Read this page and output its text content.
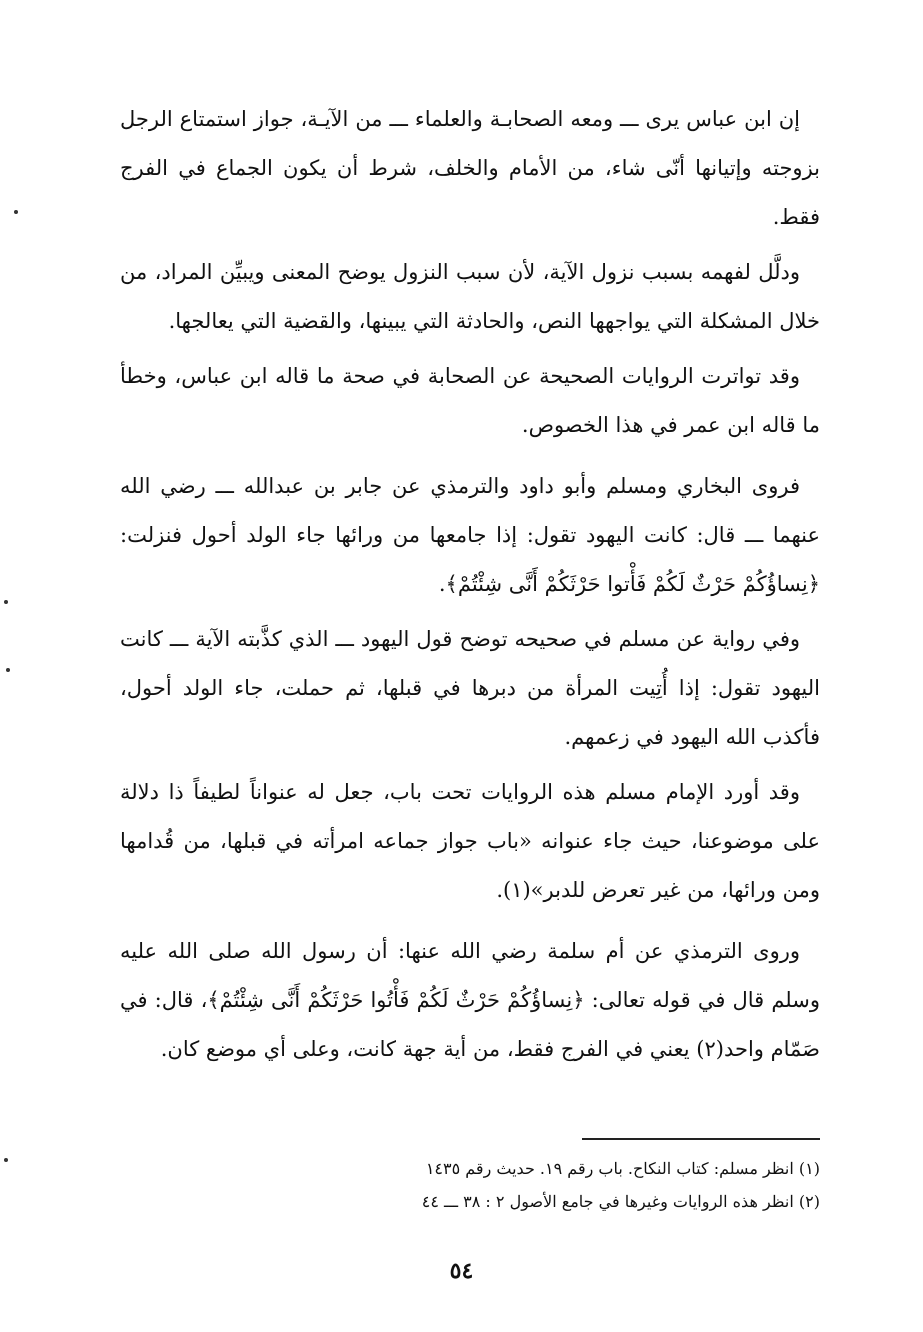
إن ابن عباس يرى ـــ ومعه الصحابـة والعلماء ـــ من الآيـة، جواز استمتاع الرجل بزوجته وإتيانها أنّى شاء، من الأمام والخلف، شرط أن يكون الجماع في الفرج فقط.

ودلَّل لفهمه بسبب نزول الآية، لأن سبب النزول يوضح المعنى ويبيِّن المراد، من خلال المشكلة التي يواجهها النص، والحادثة التي يبينها، والقضية التي يعالجها.

وقد تواترت الروايات الصحيحة عن الصحابة في صحة ما قاله ابن عباس، وخطأ ما قاله ابن عمر في هذا الخصوص.

فروى البخاري ومسلم وأبو داود والترمذي عن جابر بن عبدالله ـــ رضي الله عنهما ـــ قال: كانت اليهود تقول: إذا جامعها من ورائها جاء الولد أحول فنزلت: ﴿نِساؤُكُمْ حَرْثٌ لَكُمْ فَأْتوا حَرْثَكُمْ أَنَّى شِئْتُمْ﴾.

وفي رواية عن مسلم في صحيحه توضح قول اليهود ـــ الذي كذَّبته الآية ـــ كانت اليهود تقول: إذا أُتِيت المرأة من دبرها في قبلها، ثم حملت، جاء الولد أحول، فأكذب الله اليهود في زعمهم.

وقد أورد الإمام مسلم هذه الروايات تحت باب، جعل له عنواناً لطيفاً ذا دلالة على موضوعنا، حيث جاء عنوانه «باب جواز جماعه امرأته في قبلها، من قُدامها ومن ورائها، من غير تعرض للدبر»(١).

وروى الترمذي عن أم سلمة رضي الله عنها: أن رسول الله صلى الله عليه وسلم قال في قوله تعالى: ﴿نِساؤُكُمْ حَرْثٌ لَكُمْ فَأْتُوا حَرْثَكُمْ أَنَّى شِئْتُمْ﴾، قال: في صَمّام واحد(٢) يعني في الفرج فقط، من أية جهة كانت، وعلى أي موضع كان.

(١) انظر مسلم: كتاب النكاح. باب رقم ١٩. حديث رقم ١٤٣٥

(٢) انظر هذه الروايات وغيرها في جامع الأصول ٢ : ٣٨ ـــ ٤٤

٥٤
